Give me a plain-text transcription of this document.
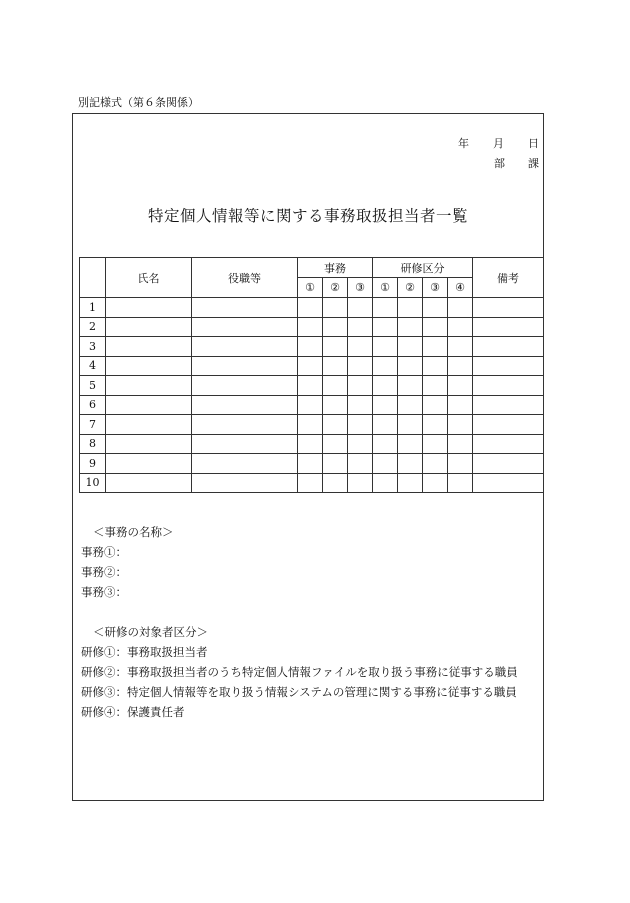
別記様式（第６条関係）
年 月 日
部 課
特定個人情報等に関する事務取扱担当者一覧
	氏名	役職等	事務			研修区分				備考
			①	②	③	①	②	③	④	
1										
2										
3										
4										
5										
6										
7										
8										
9										
10										
＜事務の名称＞
事務①：
事務②：
事務③：
＜研修の対象者区分＞
研修①：事務取扱担当者
研修②：事務取扱担当者のうち特定個人情報ファイルを取り扱う事務に従事する職員
研修③：特定個人情報等を取り扱う情報システムの管理に関する事務に従事する職員
研修④：保護責任者
